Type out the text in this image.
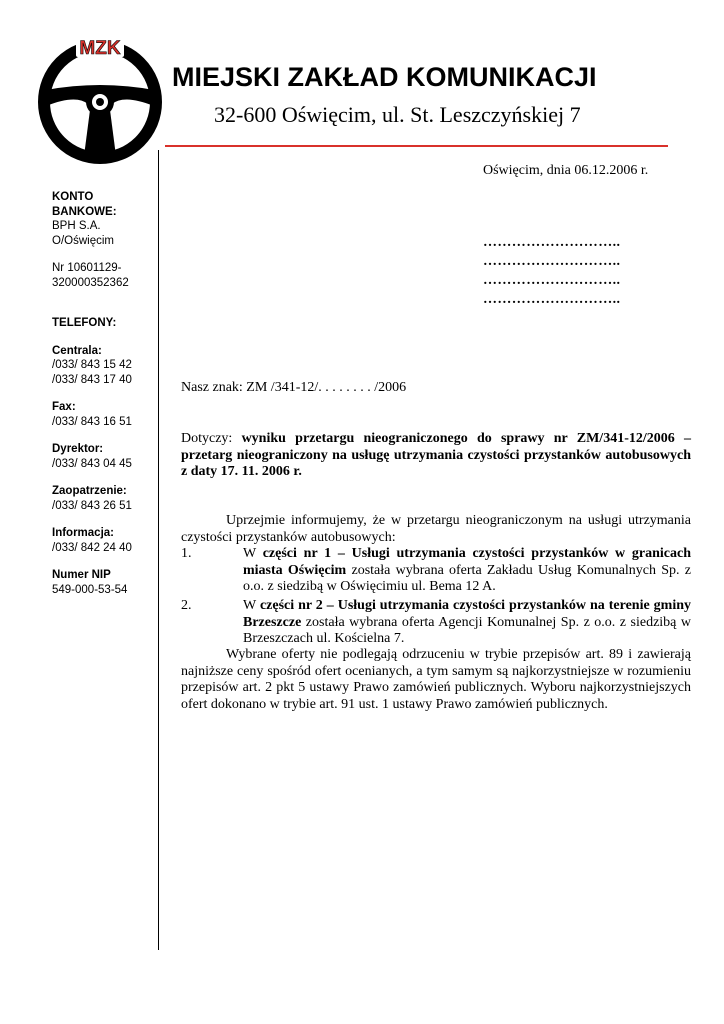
MZK
MIEJSKI ZAKŁAD KOMUNIKACJI
32-600 Oświęcim, ul. St. Leszczyńskiej 7
KONTO
BANKOWE:
BPH S.A.
O/Oświęcim
Nr 10601129-
320000352362
TELEFONY:
Centrala:
/033/ 843 15 42
/033/ 843 17 40
Fax:
/033/ 843 16 51
Dyrektor:
/033/ 843 04 45
Zaopatrzenie:
/033/ 843 26 51
Informacja:
/033/ 842 24 40
Numer NIP
549-000-53-54
Oświęcim, dnia 06.12.2006 r.
………………………..
………………………..
………………………..
………………………..
Nasz znak: ZM /341-12/. . . . . . . . /2006
Dotyczy: wyniku przetargu nieograniczonego do sprawy nr ZM/341-12/2006 – przetarg nieograniczony na usługę utrzymania czystości przystanków autobusowych z daty 17. 11. 2006 r.
Uprzejmie informujemy, że w przetargu nieograniczonym na usługi utrzymania czystości przystanków autobusowych:
1.	W części nr 1 – Usługi utrzymania czystości przystanków w granicach miasta Oświęcim została wybrana oferta Zakładu Usług Komunalnych Sp. z o.o. z siedzibą w Oświęcimiu ul. Bema 12 A.
2.	W części nr 2 – Usługi utrzymania czystości przystanków na terenie gminy Brzeszcze została wybrana oferta Agencji Komunalnej Sp. z o.o. z siedzibą w Brzeszczach ul. Kościelna 7.
Wybrane oferty nie podlegają odrzuceniu w trybie przepisów art. 89 i zawierają najniższe ceny spośród ofert ocenianych, a tym samym są najkorzystniejsze w rozumieniu przepisów art. 2 pkt 5 ustawy Prawo zamówień publicznych. Wyboru najkorzystniejszych ofert dokonano w trybie art. 91 ust. 1 ustawy Prawo zamówień publicznych.
